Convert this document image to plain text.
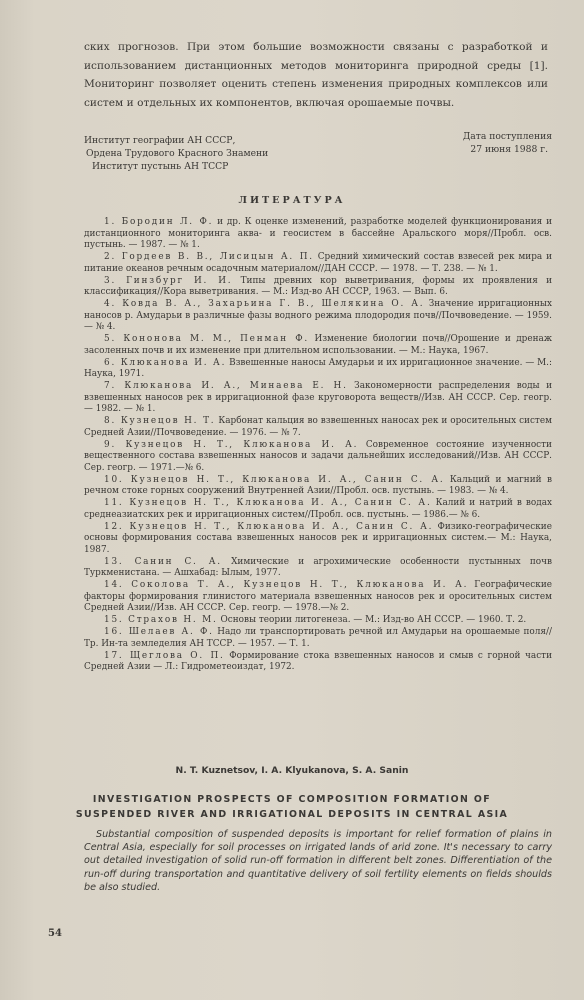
ских прогнозов. При этом большие возможности связаны с разработкой и использованием дистанционных методов мониторинга природной среды [1]. Мониторинг позволяет оценить степень изменения природных комплексов или систем и отдельных их компонентов, включая орошаемые почвы.

Институт географии АН СССР,
Ордена Трудового Красного Знамени
Институт пустынь АН ТССР
Дата поступления
27 июня 1988 г.
ЛИТЕРАТУРА
1. Бородин Л. Ф. и др. К оценке изменений, разработке моделей функционирования и дистанционного мониторинга аква- и геосистем в бассейне Аральского моря//Пробл. осв. пустынь. — 1987. — № 1.
2. Гордеев В. В., Лисицын А. П. Средний химический состав взвесей рек мира и питание океанов речным осадочным материалом//ДАН СССР. — 1978. — Т. 238. — № 1.
3. Гинзбург И. И. Типы древних кор выветривания, формы их проявления и классификация//Кора выветривания. — М.: Изд-во АН СССР, 1963. — Вып. 6.
4. Ковда В. А., Захарьина Г. В., Шелякина О. А. Значение ирригационных наносов р. Амударьи в различные фазы водного режима плодородия почв//Почвоведение. — 1959. — № 4.
5. Кононова М. М., Пенман Ф. Изменение биологии почв//Орошение и дренаж засоленных почв и их изменение при длительном использовании. — М.: Наука, 1967.
6. Клюканова И. А. Взвешенные наносы Амударьи и их ирригационное значение. — М.: Наука, 1971.
7. Клюканова И. А., Минаева Е. Н. Закономерности распределения воды и взвешенных наносов рек в ирригационной фазе круговорота веществ//Изв. АН СССР. Сер. геогр. — 1982. — № 1.
8. Кузнецов Н. Т. Карбонат кальция во взвешенных наносах рек и оросительных систем Средней Азии//Почвоведение. — 1976. — № 7.
9. Кузнецов Н. Т., Клюканова И. А. Современное состояние изученности вещественного состава взвешенных наносов и задачи дальнейших исследований//Изв. АН СССР. Сер. геогр. — 1971.—№ 6.
10. Кузнецов Н. Т., Клюканова И. А., Санин С. А. Кальций и магний в речном стоке горных сооружений Внутренней Азии//Пробл. осв. пустынь. — 1983. — № 4.
11. Кузнецов Н. Т., Клюканова И. А., Санин С. А. Калий и натрий в водах среднеазиатских рек и ирригационных систем//Пробл. осв. пустынь. — 1986.— № 6.
12. Кузнецов Н. Т., Клюканова И. А., Санин С. А. Физико-географические основы формирования состава взвешенных наносов рек и ирригационных систем.— М.: Наука, 1987.
13. Санин С. А. Химические и агрохимические особенности пустынных почв Туркменистана. — Ашхабад: Ылым, 1977.
14. Соколова Т. А., Кузнецов Н. Т., Клюканова И. А. Географические факторы формирования глинистого материала взвешенных наносов рек и оросительных систем Средней Азии//Изв. АН СССР. Сер. геогр. — 1978.—№ 2.
15. Страхов Н. М. Основы теории литогенеза. — М.: Изд-во АН СССР. — 1960. Т. 2.
16. Шелаев А. Ф. Надо ли транспортировать речной ил Амударьи на орошаемые поля//Тр. Ин-та земледелия АН ТССР. — 1957. — Т. 1.
17. Щеглова О. П. Формирование стока взвешенных наносов и смыв с горной части Средней Азии — Л.: Гидрометеоиздат, 1972.
N. T. Kuznetsov, I. A. Klyukanova, S. A. Sanin
INVESTIGATION PROSPECTS OF COMPOSITION FORMATION OF
SUSPENDED RIVER AND IRRIGATIONAL DEPOSITS IN CENTRAL ASIA
Substantial composition of suspended deposits is important for relief formation of plains in Central Asia, especially for soil processes on irrigated lands of arid zone. It's necessary to carry out detailed investigation of solid run-off formation in different belt zones. Differentiation of the run-off during transportation and quantitative delivery of soil fertility elements on fields shoulds be also studied.
54
